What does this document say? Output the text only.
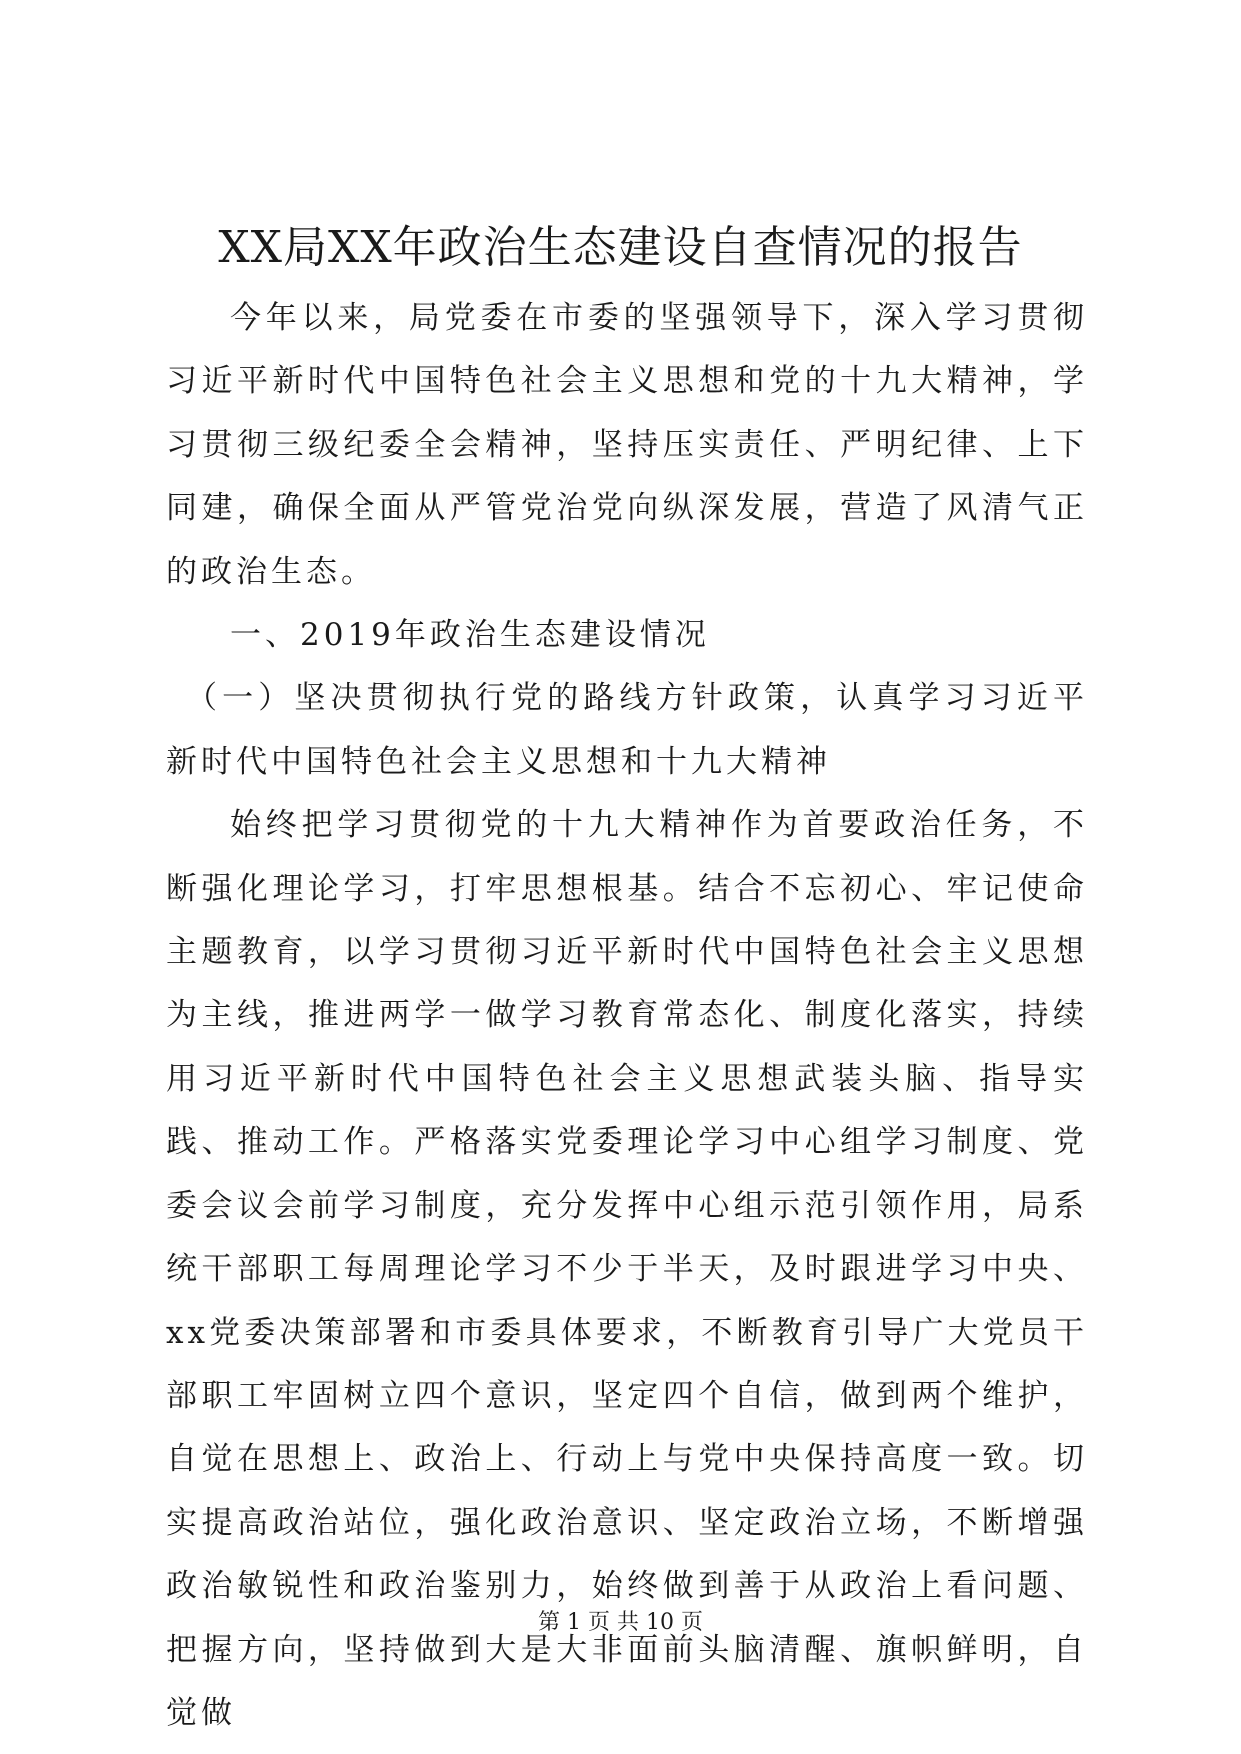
XX局XX年政治生态建设自查情况的报告

今年以来，局党委在市委的坚强领导下，深入学习贯彻习近平新时代中国特色社会主义思想和党的十九大精神，学习贯彻三级纪委全会精神，坚持压实责任、严明纪律、上下同建，确保全面从严管党治党向纵深发展，营造了风清气正的政治生态。

一、2019年政治生态建设情况

（一）坚决贯彻执行党的路线方针政策，认真学习习近平新时代中国特色社会主义思想和十九大精神

始终把学习贯彻党的十九大精神作为首要政治任务，不断强化理论学习，打牢思想根基。结合不忘初心、牢记使命主题教育，以学习贯彻习近平新时代中国特色社会主义思想为主线，推进两学一做学习教育常态化、制度化落实，持续用习近平新时代中国特色社会主义思想武装头脑、指导实践、推动工作。严格落实党委理论学习中心组学习制度、党委会议会前学习制度，充分发挥中心组示范引领作用，局系统干部职工每周理论学习不少于半天，及时跟进学习中央、xx党委决策部署和市委具体要求，不断教育引导广大党员干部职工牢固树立四个意识，坚定四个自信，做到两个维护，自觉在思想上、政治上、行动上与党中央保持高度一致。切实提高政治站位，强化政治意识、坚定政治立场，不断增强政治敏锐性和政治鉴别力，始终做到善于从政治上看问题、把握方向，坚持做到大是大非面前头脑清醒、旗帜鲜明，自觉做

第 1 页 共 10 页
